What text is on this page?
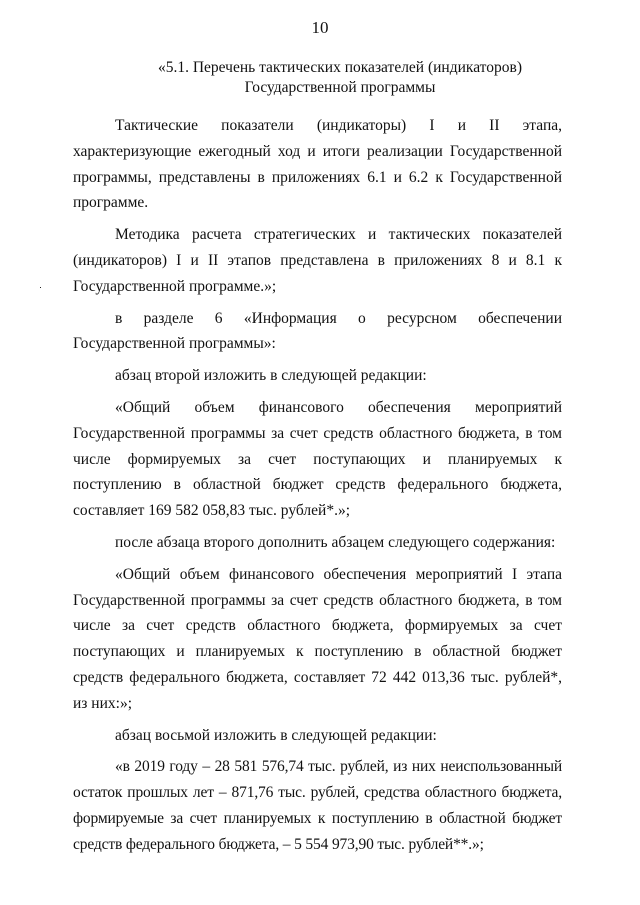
10
«5.1. Перечень тактических показателей (индикаторов)
Государственной программы

Тактические показатели (индикаторы) I и II этапа, характеризующие ежегодный ход и итоги реализации Государственной программы, представлены в приложениях 6.1 и 6.2 к Государственной программе.

Методика расчета стратегических и тактических показателей (индикаторов) I и II этапов представлена в приложениях 8 и 8.1 к Государственной программе.»;

в разделе 6 «Информация о ресурсном обеспечении Государственной программы»:

абзац второй изложить в следующей редакции:

«Общий объем финансового обеспечения мероприятий Государственной программы за счет средств областного бюджета, в том числе формируемых за счет поступающих и планируемых к поступлению в областной бюджет средств федерального бюджета, составляет 169 582 058,83 тыс. рублей*.»;

после абзаца второго дополнить абзацем следующего содержания:

«Общий объем финансового обеспечения мероприятий I этапа Государственной программы за счет средств областного бюджета, в том числе за счет средств областного бюджета, формируемых за счет поступающих и планируемых к поступлению в областной бюджет средств федерального бюджета, составляет 72 442 013,36 тыс. рублей*, из них:»;

абзац восьмой изложить в следующей редакции:

«в 2019 году – 28 581 576,74 тыс. рублей, из них неиспользованный остаток прошлых лет – 871,76 тыс. рублей, средства областного бюджета, формируемые за счет планируемых к поступлению в областной бюджет средств федерального бюджета, – 5 554 973,90 тыс. рублей**.»;
